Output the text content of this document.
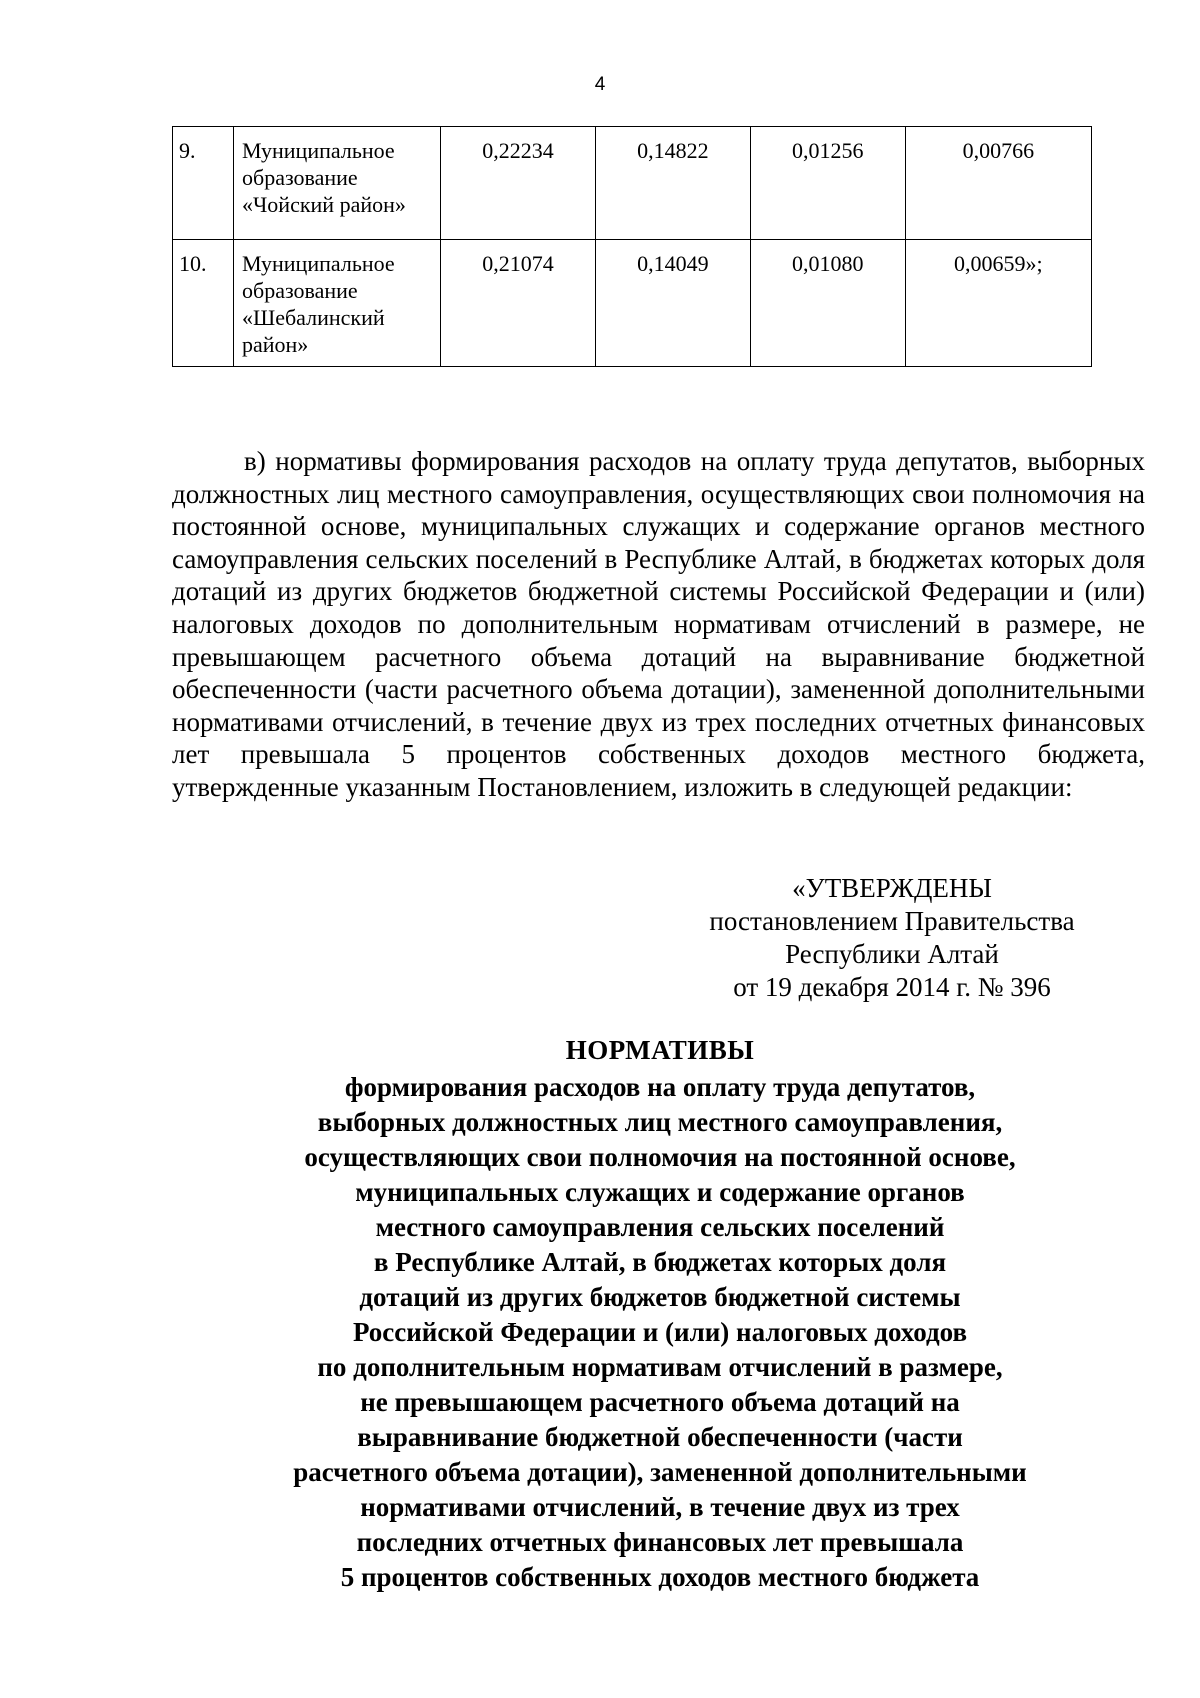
4
9.	Муниципальное образование «Чойский район»	0,22234	0,14822	0,01256	0,00766
10.	Муниципальное образование «Шебалинский район»	0,21074	0,14049	0,01080	0,00659»;

в) нормативы формирования расходов на оплату труда депутатов, выборных должностных лиц местного самоуправления, осуществляющих свои полномочия на постоянной основе, муниципальных служащих и содержание органов местного самоуправления сельских поселений в Республике Алтай, в бюджетах которых доля дотаций из других бюджетов бюджетной системы Российской Федерации и (или) налоговых доходов по дополнительным нормативам отчислений в размере, не превышающем расчетного объема дотаций на выравнивание бюджетной обеспеченности (части расчетного объема дотации), замененной дополнительными нормативами отчислений, в течение двух из трех последних отчетных финансовых лет превышала 5 процентов собственных доходов местного бюджета, утвержденные указанным Постановлением, изложить в следующей редакции:

«УТВЕРЖДЕНЫ
постановлением Правительства
Республики Алтай
от 19 декабря 2014 г. № 396
НОРМАТИВЫ
формирования расходов на оплату труда депутатов,
выборных должностных лиц местного самоуправления,
осуществляющих свои полномочия на постоянной основе,
муниципальных служащих и содержание органов
местного самоуправления сельских поселений
в Республике Алтай, в бюджетах которых доля
дотаций из других бюджетов бюджетной системы
Российской Федерации и (или) налоговых доходов
по дополнительным нормативам отчислений в размере,
не превышающем расчетного объема дотаций на
выравнивание бюджетной обеспеченности (части
расчетного объема дотации), замененной дополнительными
нормативами отчислений, в течение двух из трех
последних отчетных финансовых лет превышала
5 процентов собственных доходов местного бюджета
